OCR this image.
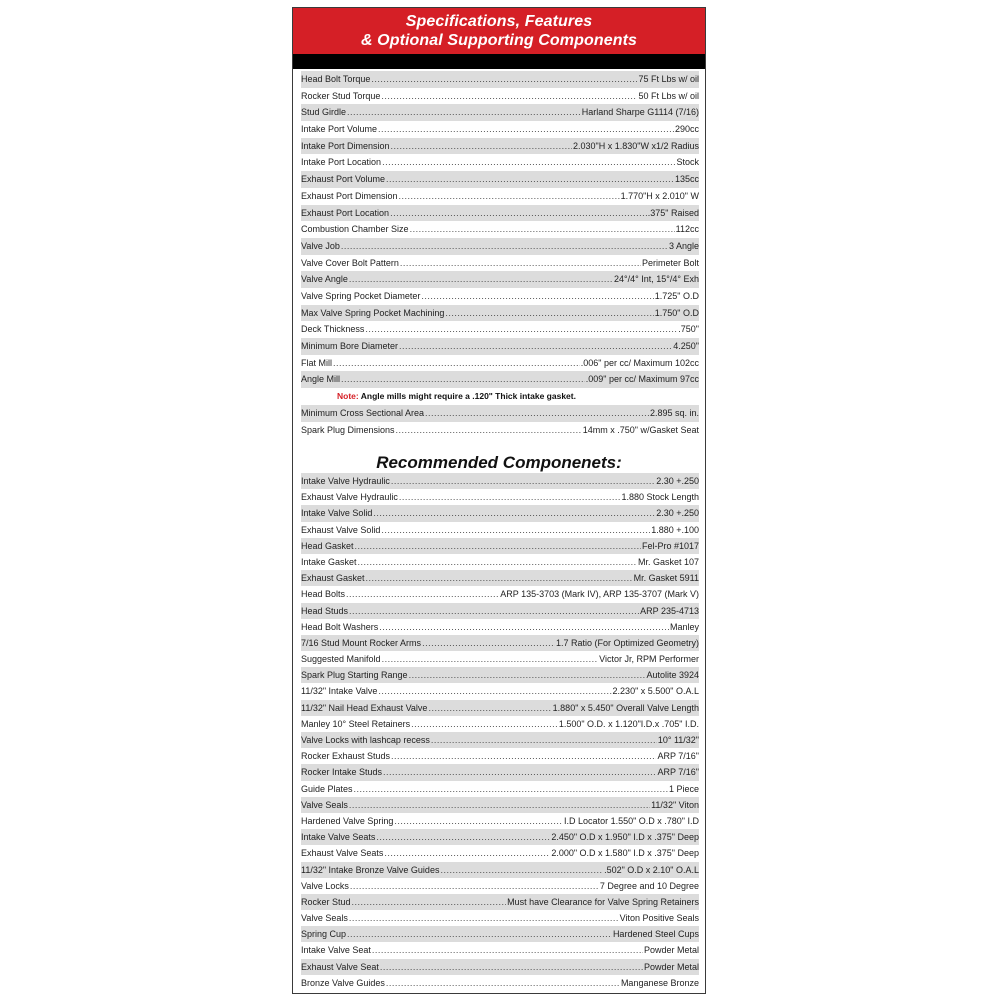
Specifications, Features
& Optional Supporting Components
Head Bolt Torque .....	75 Ft Lbs w/ oil
Rocker Stud Torque .....	50 Ft Lbs w/ oil
Stud Girdle .....	Harland Sharpe G1114 (7/16)
Intake Port Volume .....	290cc
Intake Port Dimension .....	2.030"H x 1.830"W x1/2 Radius
Intake Port Location .....	Stock
Exhaust Port Volume .....	135cc
Exhaust Port Dimension .....	1.770"H x 2.010" W
Exhaust Port Location .....	.375" Raised
Combustion Chamber Size .....	112cc
Valve Job .....	3 Angle
Valve Cover Bolt Pattern .....	Perimeter Bolt
Valve Angle .....	24°/4° Int, 15°/4° Exh
Valve Spring Pocket Diameter .....	1.725" O.D
Max Valve Spring Pocket Machining .....	1.750" O.D
Deck Thickness .....	.750"
Minimum Bore Diameter .....	4.250"
Flat Mill .....	.006" per cc/ Maximum 102cc
Angle Mill .....	.009" per cc/ Maximum 97cc
Note: Angle mills might require a .120" Thick intake gasket.
Minimum Cross Sectional Area .....	2.895 sq. in.
Spark Plug Dimensions .....	14mm x .750" w/Gasket Seat
Recommended Componenets:
Intake Valve Hydraulic .....	2.30 +.250
Exhaust Valve Hydraulic .....	1.880 Stock Length
Intake Valve Solid .....	2.30 +.250
Exhaust Valve Solid .....	1.880 +.100
Head Gasket .....	Fel-Pro #1017
Intake Gasket .....	Mr. Gasket 107
Exhaust Gasket .....	Mr. Gasket 5911
Head Bolts .....	ARP 135-3703 (Mark IV), ARP 135-3707 (Mark V)
Head Studs .....	ARP 235-4713
Head Bolt Washers .....	Manley
7/16 Stud Mount Rocker Arms .....	1.7 Ratio (For Optimized Geometry)
Suggested Manifold .....	Victor Jr, RPM Performer
Spark Plug Starting Range .....	Autolite 3924
11/32" Intake Valve .....	2.230" x 5.500" O.A.L
11/32" Nail Head Exhaust Valve .....	1.880" x 5.450" Overall Valve Length
Manley 10° Steel Retainers .....	1.500" O.D. x 1.120"I.D.x .705" I.D.
Valve Locks with lashcap recess .....	10° 11/32"
Rocker Exhaust Studs .....	ARP 7/16"
Rocker Intake Studs .....	ARP 7/16"
Guide Plates .....	1 Piece
Valve Seals .....	11/32" Viton
Hardened Valve Spring .....	I.D Locator 1.550" O.D x .780" I.D
Intake Valve Seats .....	2.450" O.D x 1.950" I.D x .375" Deep
Exhaust Valve Seats .....	2.000" O.D x 1.580" I.D x .375" Deep
11/32" Intake Bronze Valve Guides .....	.502" O.D x 2.10" O.A.L
Valve Locks .....	7 Degree and 10 Degree
Rocker Stud .....	Must have Clearance for Valve Spring Retainers
Valve Seals .....	Viton Positive Seals
Spring Cup .....	Hardened Steel Cups
Intake Valve Seat .....	Powder Metal
Exhaust Valve Seat .....	Powder Metal
Bronze Valve Guides .....	Manganese Bronze
